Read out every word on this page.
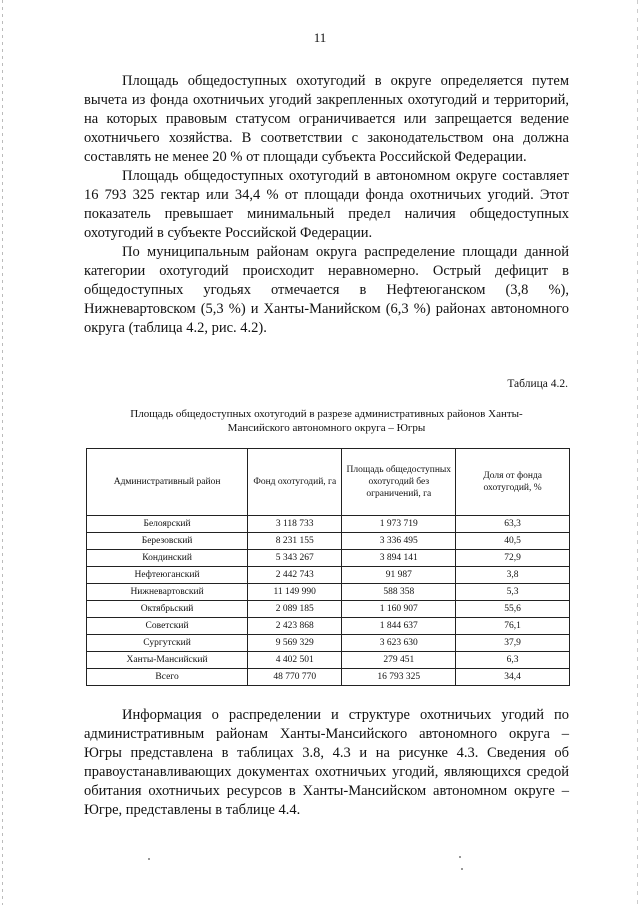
11

Площадь общедоступных охотугодий в округе определяется путем вычета из фонда охотничьих угодий закрепленных охотугодий и территорий, на которых правовым статусом ограничивается или запрещается ведение охотничьего хозяйства. В соответствии с законодательством она должна составлять не менее 20 % от площади субъекта Российской Федерации.

Площадь общедоступных охотугодий в автономном округе составляет 16 793 325 гектар или 34,4 % от площади фонда охотничьих угодий. Этот показатель превышает минимальный предел наличия общедоступных охотугодий в субъекте Российской Федерации.

По муниципальным районам округа распределение площади данной категории охотугодий происходит неравномерно. Острый дефицит в общедоступных угодьях отмечается в Нефтеюганском (3,8 %), Нижневартовском (5,3 %) и Ханты-Манийском (6,3 %) районах автономного округа (таблица 4.2, рис. 4.2).

Таблица 4.2.
Площадь общедоступных охотугодий в разрезе административных районов Ханты-
Мансийского автономного округа – Югры
Административный район	Фонд охотугодий, га	Площадь общедоступных охотугодий без ограничений, га	Доля от фонда охотугодий, %
Белоярский	3 118 733	1 973 719	63,3
Березовский	8 231 155	3 336 495	40,5
Кондинский	5 343 267	3 894 141	72,9
Нефтеюганский	2 442 743	91 987	3,8
Нижневартовский	11 149 990	588 358	5,3
Октябрьский	2 089 185	1 160 907	55,6
Советский	2 423 868	1 844 637	76,1
Сургутский	9 569 329	3 623 630	37,9
Ханты-Мансийский	4 402 501	279 451	6,3
Всего	48 770 770	16 793 325	34,4

Информация о распределении и структуре охотничьих угодий по административным районам Ханты-Мансийского автономного округа – Югры представлена в таблицах 3.8, 4.3 и на рисунке 4.3. Сведения об правоустанавливающих документах охотничьих угодий, являющихся средой обитания охотничьих ресурсов в Ханты-Мансийском автономном округе – Югре, представлены в таблице 4.4.
